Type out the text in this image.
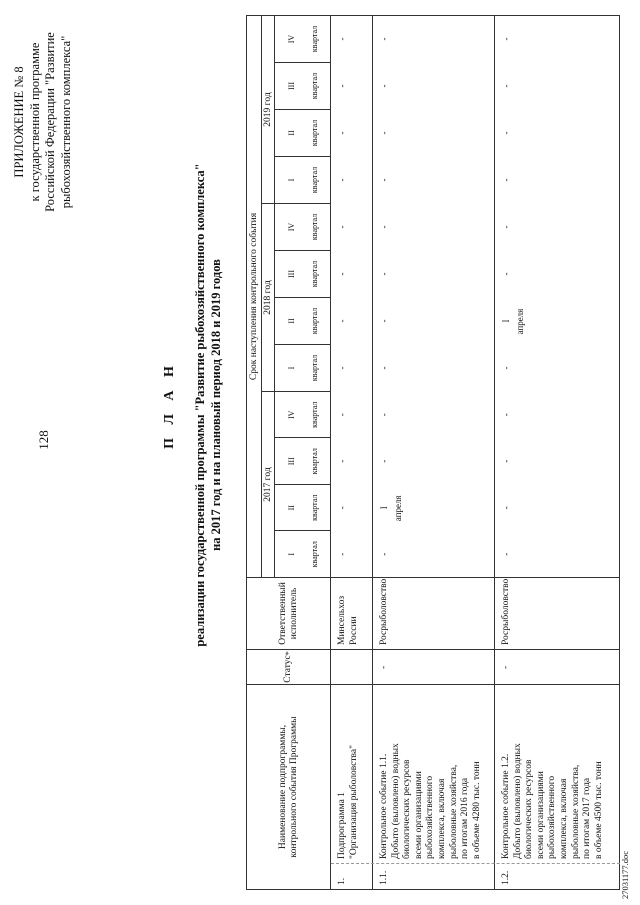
128
ПРИЛОЖЕНИЕ № 8 к государственной программе Российской Федерации "Развитие рыбохозяйственного комплекса"
П Л А Н реализации государственной программы "Развитие рыбохозяйственного комплекса" на 2017 год и на плановый период 2018 и 2019 годов
Наименование подпрограммы, контрольного события Программы
Статус
*
Ответственный исполнитель
Срок наступления контрольного события
2017 год
2018 год
2019 год
I квартал
II квартал
III квартал
IV квартал
I квартал
II квартал
III квартал
IV квартал
I квартал
II квартал
III квартал
IV квартал
1.
Подпрограмма 1 "Организация рыболовства"
Минсельхоз России
-
-
-
-
-
-
-
-
-
-
-
-
1.1.
Контрольное событие 1.1. Добыто (выловлено) водных биологических ресурсов всеми организациями рыбохозяйственного комплекса, включая рыболовные хозяйства, по итогам 2016 года в объеме 4280 тыс. тонн
-
Росрыболовство
-
I апреля
-
-
-
-
-
-
-
-
-
-
1.2.
Контрольное событие 1.2. Добыто (выловлено) водных биологических ресурсов всеми организациями рыбохозяйственного комплекса, включая рыболовные хозяйства, по итогам 2017 года в объеме 4500 тыс. тонн
-
Росрыболовство
-
-
-
-
-
I апреля
-
-
-
-
-
-
27031177.doc
